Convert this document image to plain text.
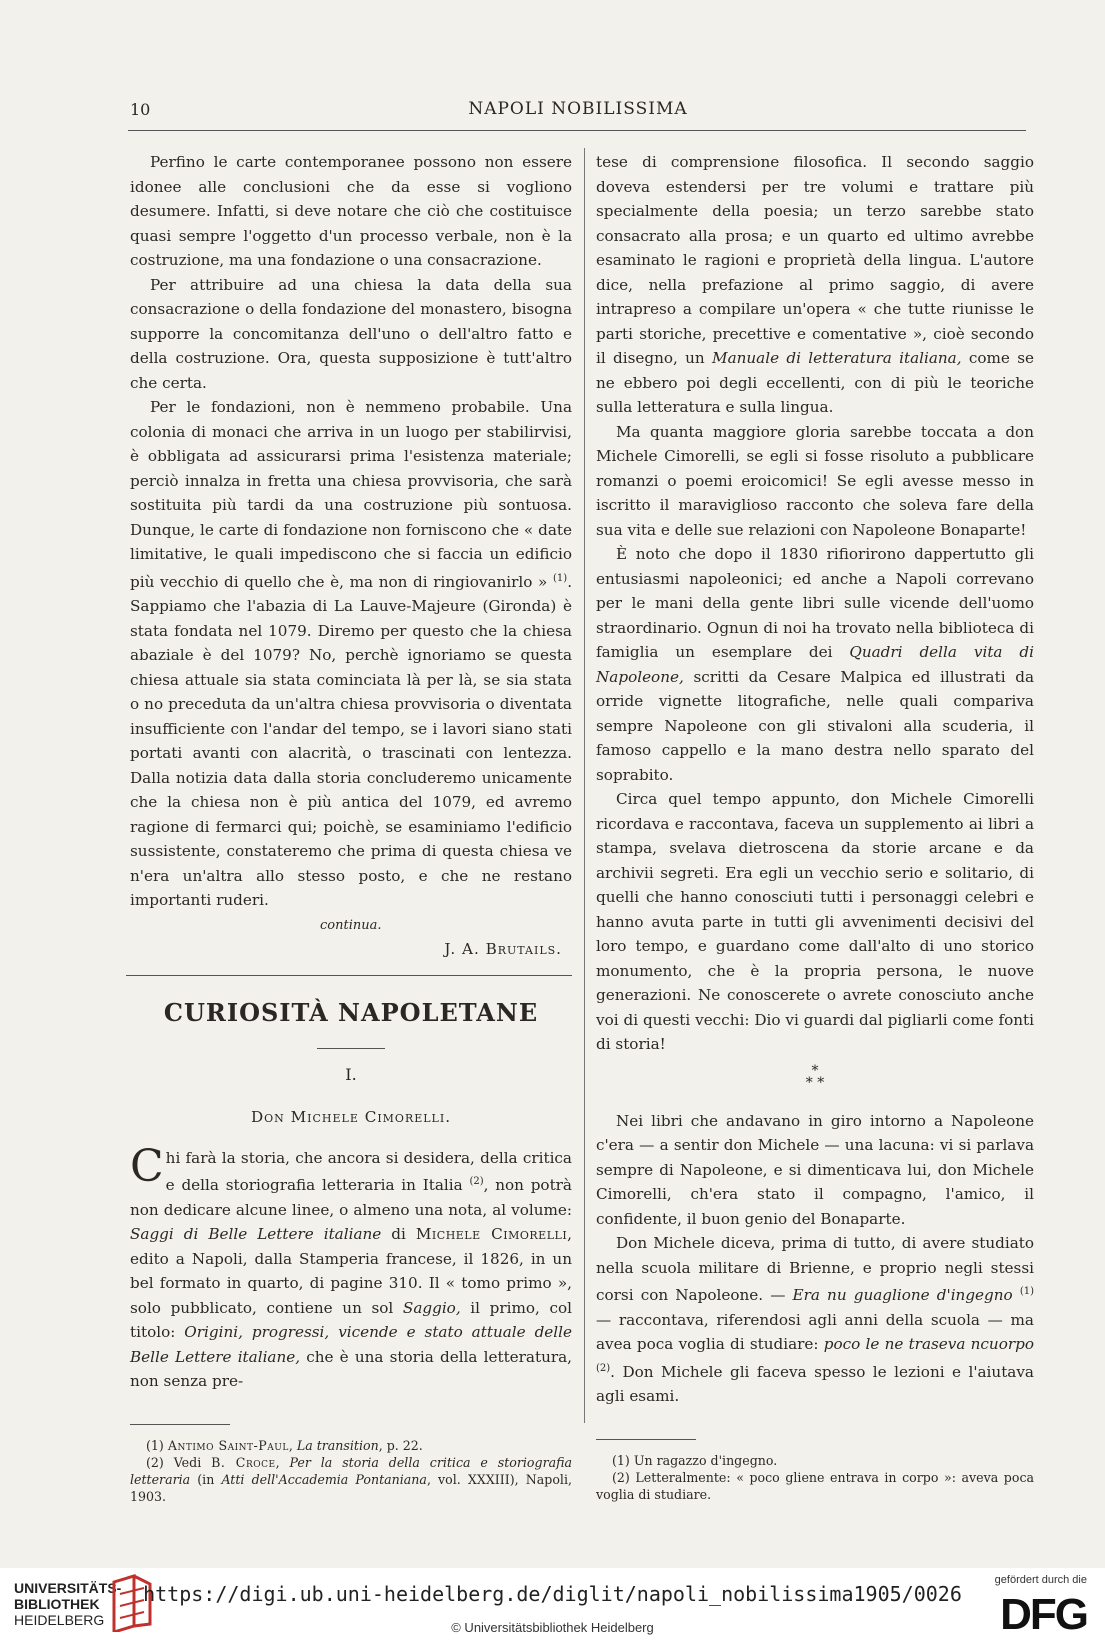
10	NAPOLI NOBILISSIMA

Perfino le carte contemporanee possono non essere idonee alle conclusioni che da esse si vogliono desumere. Infatti, si deve notare che ciò che costituisce quasi sempre l'oggetto d'un processo verbale, non è la costruzione, ma una fondazione o una consacrazione.

Per attribuire ad una chiesa la data della sua consacrazione o della fondazione del monastero, bisogna supporre la concomitanza dell'uno o dell'altro fatto e della costruzione. Ora, questa supposizione è tutt'altro che certa.

Per le fondazioni, non è nemmeno probabile. Una colonia di monaci che arriva in un luogo per stabilirvisi, è obbligata ad assicurarsi prima l'esistenza materiale; perciò innalza in fretta una chiesa provvisoria, che sarà sostituita più tardi da una costruzione più sontuosa. Dunque, le carte di fondazione non forniscono che « date limitative, le quali impediscono che si faccia un edificio più vecchio di quello che è, ma non di ringiovanirlo » $^{(1)}$. Sappiamo che l'abazia di La Lauve-Majeure (Gironda) è stata fondata nel 1079. Diremo per questo che la chiesa abaziale è del 1079? No, perchè ignoriamo se questa chiesa attuale sia stata cominciata là per là, se sia stata o no preceduta da un'altra chiesa provvisoria o diventata insufficiente con l'andar del tempo, se i lavori siano stati portati avanti con alacrità, o trascinati con lentezza. Dalla notizia data dalla storia concluderemo unicamente che la chiesa non è più antica del 1079, ed avremo ragione di fermarci qui; poichè, se esaminiamo l'edificio sussistente, constateremo che prima di questa chiesa ve n'era un'altra allo stesso posto, e che ne restano importanti ruderi.

continua.
J. A. Brutails.
CURIOSITÀ NAPOLETANE
I.
Don Michele Cimorelli.

Chi farà la storia, che ancora si desidera, della critica e della storiografia letteraria in Italia $^{(2)}$, non potrà non dedicare alcune linee, o almeno una nota, al volume: Saggi di Belle Lettere italiane di Michele Cimorelli, edito a Napoli, dalla Stamperia francese, il 1826, in un bel formato in quarto, di pagine 310. Il « tomo primo », solo pubblicato, contiene un sol Saggio, il primo, col titolo: Origini, progressi, vicende e stato attuale delle Belle Lettere italiane, che è una storia della letteratura, non senza pre-

(1) Antimo Saint-Paul, La transition, p. 22.
(2) Vedi B. Croce, Per la storia della critica e storiografia letteraria (in Atti dell'Accademia Pontaniana, vol. XXXIII), Napoli, 1903.

tese di comprensione filosofica. Il secondo saggio doveva estendersi per tre volumi e trattare più specialmente della poesia; un terzo sarebbe stato consacrato alla prosa; e un quarto ed ultimo avrebbe esaminato le ragioni e proprietà della lingua. L'autore dice, nella prefazione al primo saggio, di avere intrapreso a compilare un'opera « che tutte riunisse le parti storiche, precettive e comentative », cioè secondo il disegno, un Manuale di letteratura italiana, come se ne ebbero poi degli eccellenti, con di più le teoriche sulla letteratura e sulla lingua.

Ma quanta maggiore gloria sarebbe toccata a don Michele Cimorelli, se egli si fosse risoluto a pubblicare romanzi o poemi eroicomici! Se egli avesse messo in iscritto il maraviglioso racconto che soleva fare della sua vita e delle sue relazioni con Napoleone Bonaparte!

È noto che dopo il 1830 rifiorirono dappertutto gli entusiasmi napoleonici; ed anche a Napoli correvano per le mani della gente libri sulle vicende dell'uomo straordinario. Ognun di noi ha trovato nella biblioteca di famiglia un esemplare dei Quadri della vita di Napoleone, scritti da Cesare Malpica ed illustrati da orride vignette litografiche, nelle quali compariva sempre Napoleone con gli stivaloni alla scuderia, il famoso cappello e la mano destra nello sparato del soprabito.

Circa quel tempo appunto, don Michele Cimorelli ricordava e raccontava, faceva un supplemento ai libri a stampa, svelava dietroscena da storie arcane e da archivii segreti. Era egli un vecchio serio e solitario, di quelli che hanno conosciuti tutti i personaggi celebri e hanno avuta parte in tutti gli avvenimenti decisivi del loro tempo, e guardano come dall'alto di uno storico monumento, che è la propria persona, le nuove generazioni. Ne conoscerete o avrete conosciuto anche voi di questi vecchi: Dio vi guardi dal pigliarli come fonti di storia!

*
* *

Nei libri che andavano in giro intorno a Napoleone c'era — a sentir don Michele — una lacuna: vi si parlava sempre di Napoleone, e si dimenticava lui, don Michele Cimorelli, ch'era stato il compagno, l'amico, il confidente, il buon genio del Bonaparte.

Don Michele diceva, prima di tutto, di avere studiato nella scuola militare di Brienne, e proprio negli stessi corsi con Napoleone. — Era nu guaglione d'ingegno $^{(1)}$ — raccontava, riferendosi agli anni della scuola — ma avea poca voglia di studiare: poco le ne traseva ncuorpo $^{(2)}$. Don Michele gli faceva spesso le lezioni e l'aiutava agli esami.

(1) Un ragazzo d'ingegno.
(2) Letteralmente: « poco gliene entrava in corpo »: aveva poca voglia di studiare.
UNIVERSITÄTS-
BIBLIOTHEK
HEIDELBERG
https://digi.ub.uni-heidelberg.de/diglit/napoli_nobilissima1905/0026
© Universitätsbibliothek Heidelberg
gefördert durch die
DFG
